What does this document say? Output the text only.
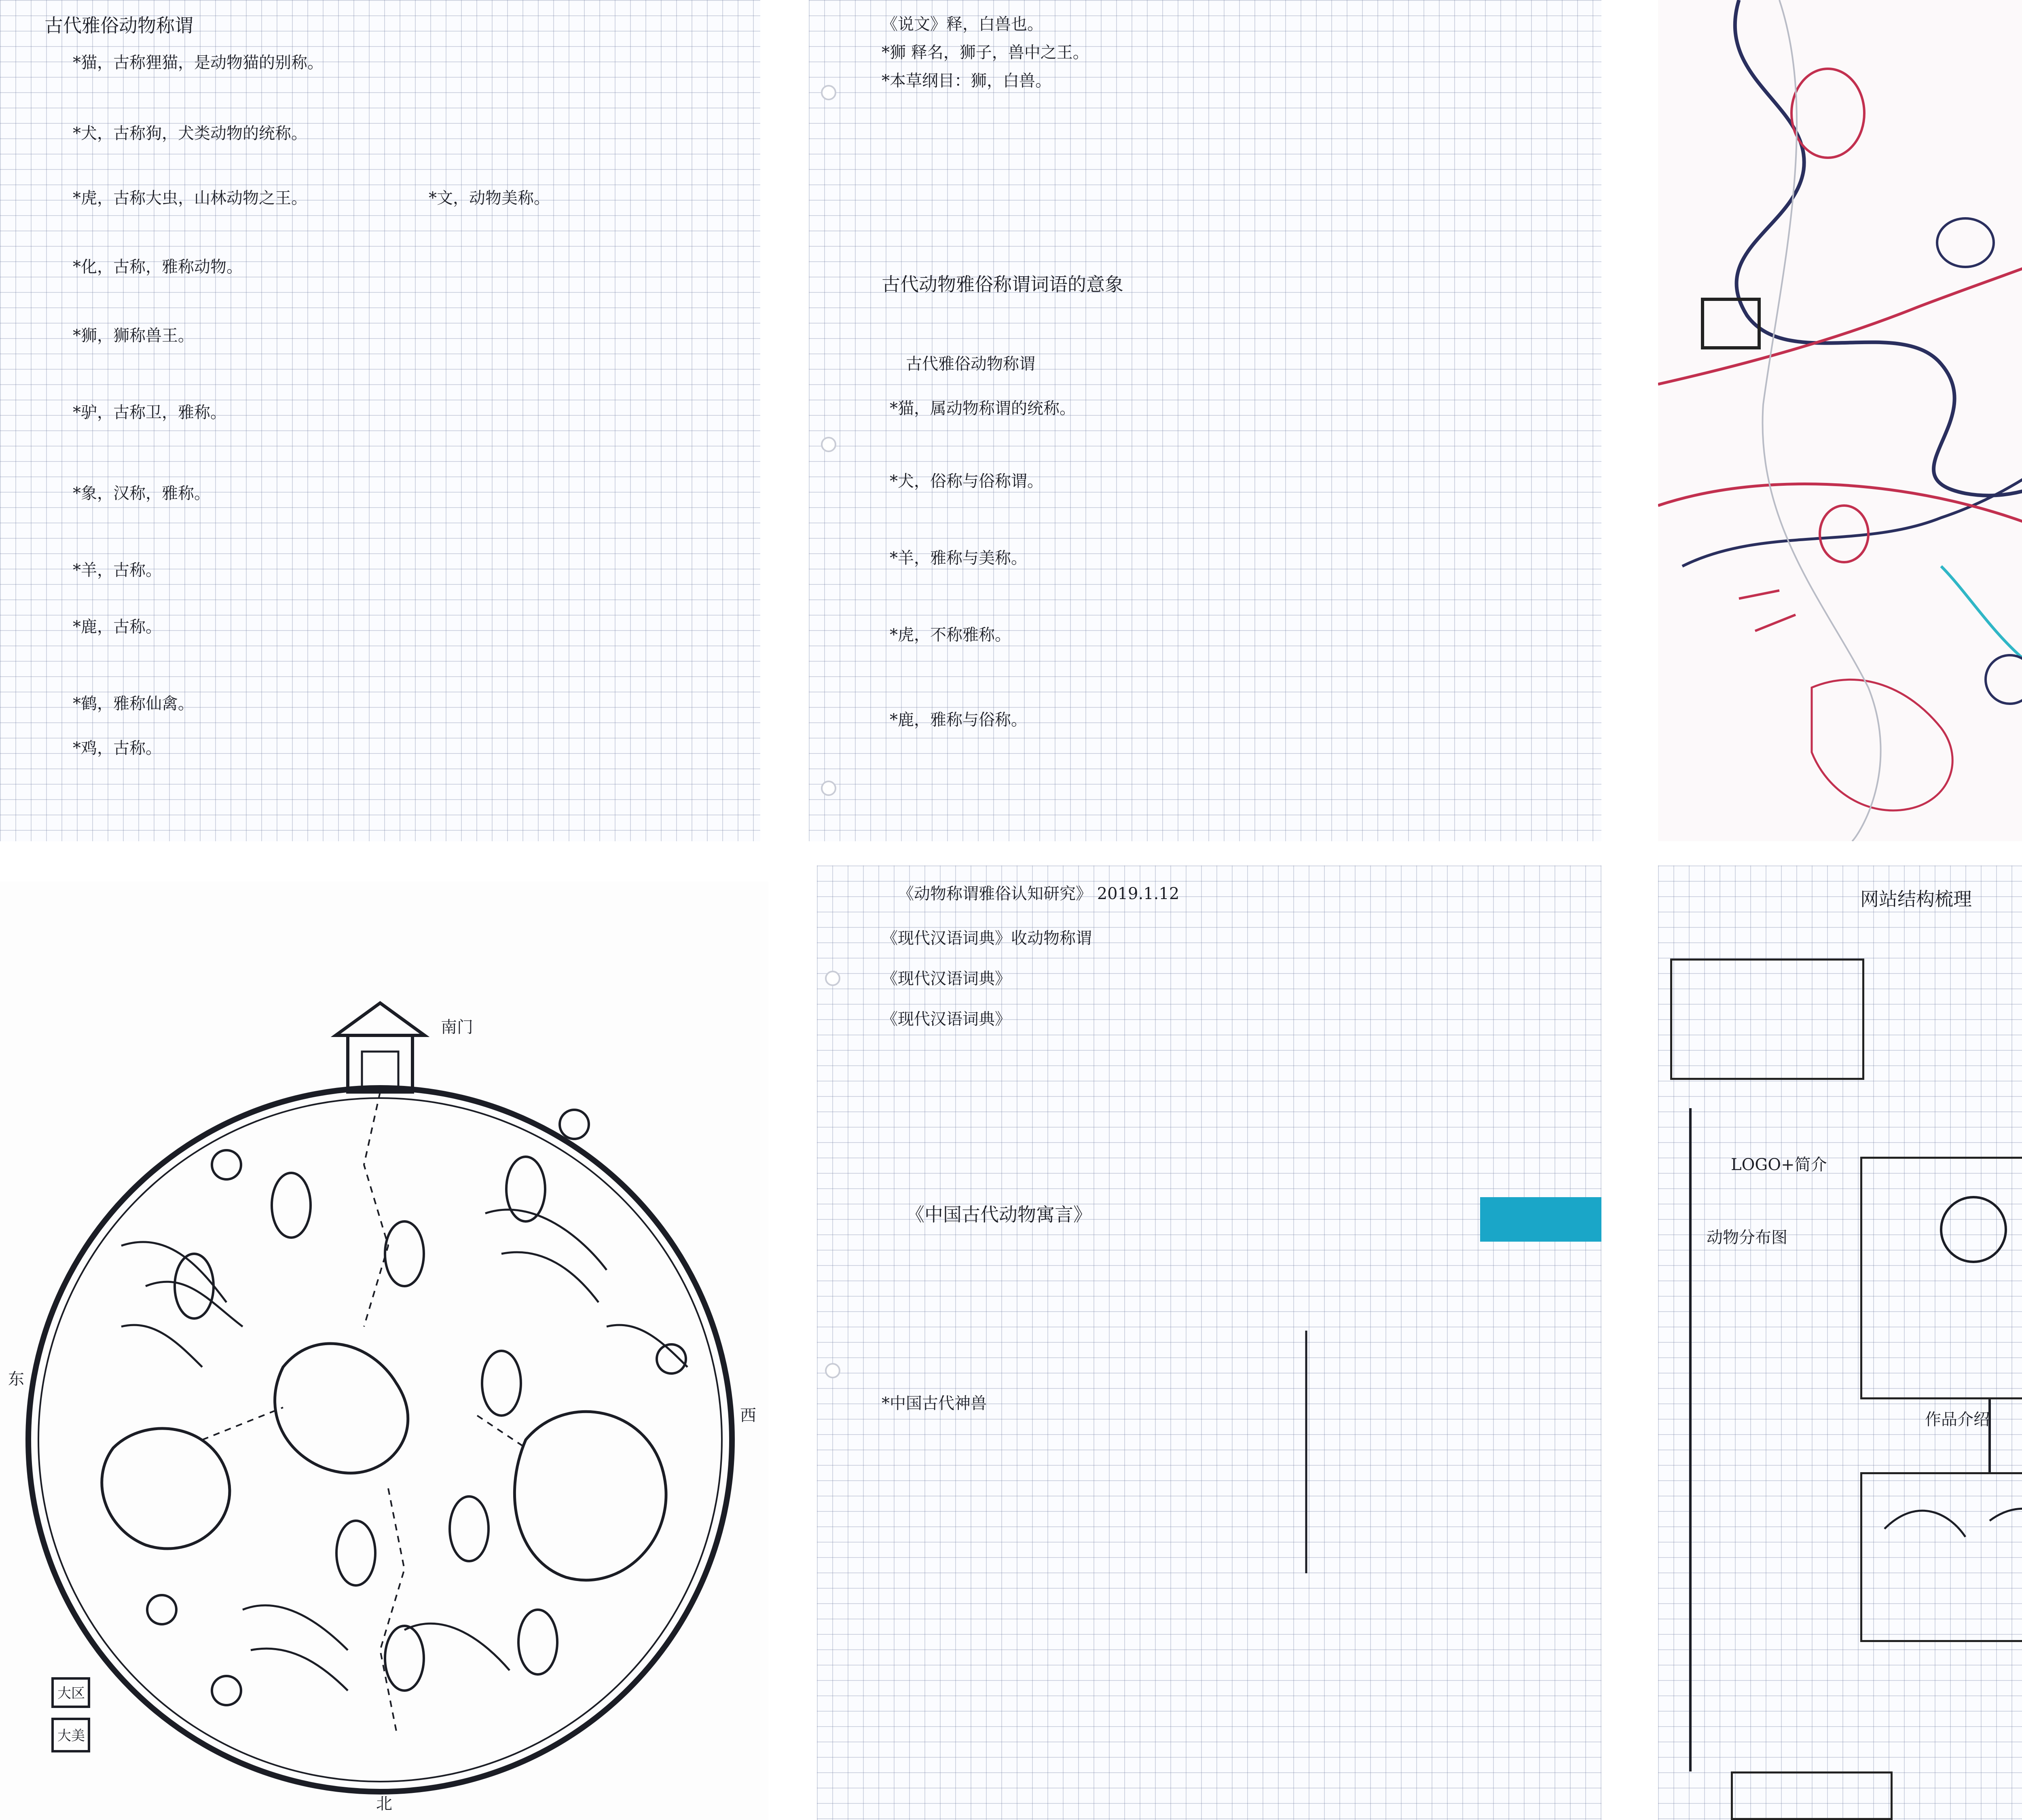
古代雅俗动物称谓
*猫，古称狸猫，是动物猫的别称。
*犬，古称狗，犬类动物的统称。
*虎，古称大虫，山林动物之王。	*文，动物美称。
*化，古称，雅称动物。
*狮，狮称兽王。
*驴，古称卫，雅称。
*象，汉称，雅称。
*羊，古称。
*鹿，古称。
*鹤，雅称仙禽。
*鸡，古称。
《说文》释，白兽也。
*狮 释名，狮子，兽中之王。
*本草纲目：狮，白兽。
古代动物雅俗称谓词语的意象
古代雅俗动物称谓
*猫，属动物称谓的统称。
*犬，俗称与俗称谓。
*羊，雅称与美称。
*虎，不称雅称。
*鹿，雅称与俗称。
南门
东
西
北
大区
大美
《动物称谓雅俗认知研究》 2019.1.12
《现代汉语词典》收动物称谓
《现代汉语词典》
《现代汉语词典》
《中国古代动物寓言》
*中国古代神兽
网站结构梳理
LOGO+简介
动物分布图
作品介绍
